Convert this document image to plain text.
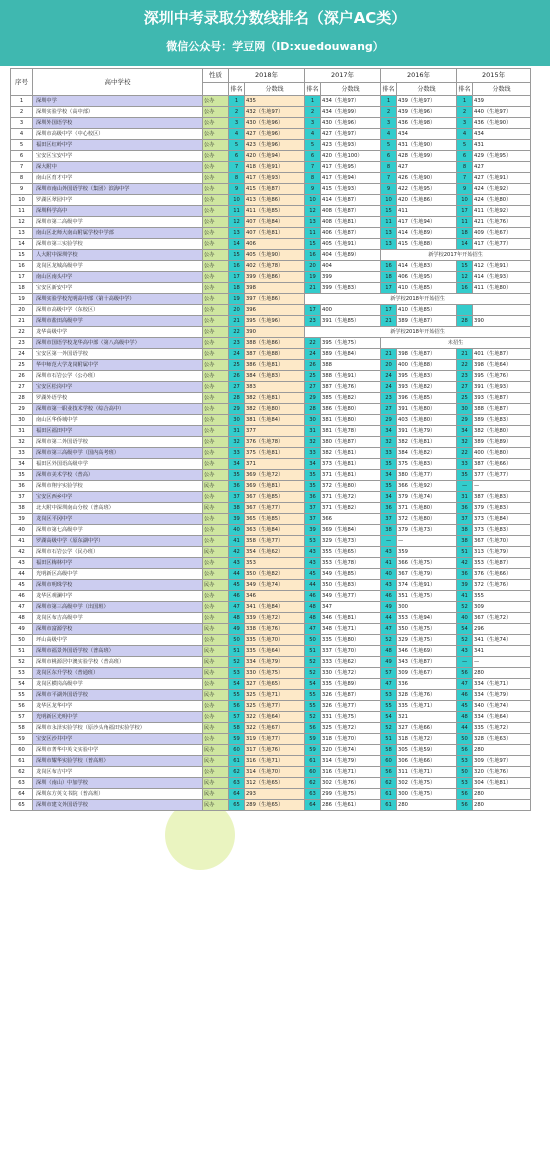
深圳中考录取分数线排名（深户AC类）
微信公众号：学豆网（ID:xuedouwang）
序号	高中学校	性质	2018年		2017年		2016年		2015年	
			排名	分数线	排名	分数线	排名	分数线	排名	分数线
1	深圳中学	公办	1	435	1	434（生地97）	1	439（生地97）	1	439
2	深圳实验学校（高中部）	公办	2	432（生地97）	2	434（生地99）	2	439（生地96）	2	440（生地97）
3	深圳外国语学校	公办	3	430（生地96）	3	430（生地96）	3	436（生地98）	3	436（生地90）
4	深圳市高级中学（中心校区）	公办	4	427（生地96）	4	427（生地97）	4	434	4	434
5	福田区红岭中学	公办	5	423（生地96）	5	423（生地93）	5	431（生地90）	5	431
6	宝安区宝安中学	公办	6	420（生地94）	6	420（生地100）	6	428（生地99）	6	429（生地95）
7	深大附中	公办	7	418（生地91）	7	417（生地95）	8	427	8	427
8	南山区育才中学	公办	8	417（生地93）	8	417（生地94）	7	426（生地90）	7	427（生地91）
9	深圳市南山外国语学校（集团）滨海中学	公办	9	415（生地87）	9	415（生地93）	9	422（生地95）	9	424（生地92）
10	罗湖区翠园中学	公办	10	413（生地86）	10	414（生地87）	10	420（生地86）	10	424（生地80）
11	深圳科学高中	公办	11	411（生地85）	12	408（生地87）	15	411	17	411（生地92）
12	深圳市第二高级中学	公办	12	407（生地84）	13	408（生地81）	11	417（生地94）	11	421（生地76）
13	南山区北师大南山附属学校中学部	公办	13	407（生地81）	11	406（生地87）	13	414（生地89）	18	409（生地67）
14	深圳市第三实验学校	公办	14	406	15	405（生地91）	13	415（生地88）	14	417（生地77）
15	人大附中深圳学校	公办	15	405（生地90）	16	404（生地89）	新学校2017年开始招生			
16	龙岗区龙城高级中学	公办	16	402（生地78）	20	404	16	414（生地83）	15	412（生地91）
17	南山区南头中学	公办	17	399（生地86）	19	399	18	406（生地95）	12	414（生地93）
18	宝安区新安中学	公办	18	398	21	399（生地83）	17	410（生地85）	16	411（生地80）
19	深圳实验学校光明高中部（第十高级中学）	公办	19	397（生地86）	新学校2018年开始招生					
20	深圳市高级中学（东校区）	公办	20	396	17	400	17	410（生地85）		
21	深圳市盐田高级中学	公办	21	395（生地96）	23	391（生地85）	21	389（生地87）	28	390
22	龙华高级中学	公办	22	390	新学校2018年开始招生					
23	深圳市国语学校龙华高中部（第八高级中学）	公办	23	388（生地86）	22	395（生地75）	未招生			
24	宝安区第一外国语学校	公办	24	387（生地88）	24	389（生地84）	21	398（生地87）	21	401（生地87）
25	华中师范大学龙岗附属中学	公办	25	386（生地81）	26	388	20	400（生地88）	22	398（生地64）
26	深圳市石岩公学（公办班）	公办	26	384（生地83）	25	388（生地91）	24	395（生地83）	23	395（生地76）
27	宝安区松岗中学	公办	27	383	27	387（生地76）	24	393（生地82）	27	391（生地93）
28	罗湖外语学校	公办	28	382（生地81）	29	385（生地82）	23	396（生地85）	25	393（生地87）
29	深圳市第一职业技术学校（综合高中）	公办	29	382（生地80）	28	386（生地80）	27	391（生地80）	30	388（生地87）
30	南山区华侨城中学	公办	30	381（生地84）	30	381（生地80）	29	403（生地80）	29	389（生地83）
31	福田区福田中学	公办	31	377	31	381（生地78）	34	391（生地79）	34	382（生地80）
32	深圳市第二外国语学校	公办	32	376（生地78）	32	380（生地87）	32	382（生地81）	32	389（生地89）
33	深圳市第三高级中学（国内高考班）	公办	33	375（生地81）	33	382（生地81）	33	384（生地82）	22	400（生地80）
34	福田区外国语高级中学	公办	34	371	34	373（生地81）	35	375（生地83）	33	387（生地66）
35	深圳市美术学校（普高）	公办	35	369（生地72）	35	371（生地81）	34	380（生地77）	35	377（生地77）
36	深圳市翔宇实验学校	民办	36	369（生地81）	35	372（生地80）	35	366（生地92）	—	—
37	宝安区西乡中学	公办	37	367（生地85）	36	371（生地72）	34	379（生地74）	31	387（生地83）
38	北大附中深圳南山分校（普高班）	民办	38	367（生地77）	37	371（生地82）	36	371（生地80）	36	379（生地83）
39	龙岗区平冈中学	公办	39	365（生地85）	37	366	37	372（生地80）	37	373（生地84）
40	深圳市第七高级中学	公办	40	363（生地84）	39	369（生地84）	38	379（生地73）	38	373（生地83）
41	罗湖高级中学（原东湖中学）	公办	41	358（生地77）	53	329（生地73）	—	—	38	367（生地70）
42	深圳市石岩公学（民办班）	民办	42	354（生地62）	43	355（生地65）	43	359	51	313（生地79）
43	福田区梅林中学	公办	43	353	43	353（生地78）	41	366（生地75）	42	353（生地87）
44	光明新区高级中学	公办	44	350（生地82）	45	349（生地85）	40	367（生地79）	36	376（生地66）
45	深圳市明珠学校	民办	45	349（生地74）	44	350（生地83）	43	374（生地91）	39	372（生地76）
46	龙华区观澜中学	公办	46	346	46	349（生地77）	46	351（生地75）	41	355
47	深圳市第三高级中学（出国班）	公办	47	341（生地84）	48	347	49	300	52	309
48	龙岗区布吉高级中学	公办	48	339（生地72）	48	346（生地81）	44	353（生地94）	40	367（生地72）
49	深圳市富源学校	民办	49	338（生地76）	47	348（生地71）	47	350（生地75）	54	296
50	坪山高级中学	公办	50	335（生地70）	50	335（生地80）	52	329（生地75）	52	341（生地74）
51	深圳市福景外国语学校（普高班）	民办	51	335（生地64）	51	337（生地70）	48	346（生地69）	43	341
52	深圳市桃源居中澳实验学校（普高班）	民办	52	334（生地79）	52	333（生地62）	49	343（生地87）	—	—
53	龙岗区东升学校（普通班）	民办	53	330（生地75）	52	330（生地72）	57	309（生地67）	56	280
54	龙岗区横岗高级中学	公办	54	327（生地65）	54	335（生地89）	47	336	47	334（生地71）
55	深圳市平湖外国语学校	民办	55	325（生地71）	55	326（生地87）	53	328（生地76）	46	334（生地79）
56	龙华区龙华中学	公办	56	325（生地77）	55	326（生地77）	55	335（生地71）	45	340（生地74）
57	光明新区光明中学	公办	57	322（生地64）	52	331（生地75）	54	321	48	334（生地64）
58	深圳市永泽实验学校（原沙头角福田实验学校）	民办	58	322（生地67）	56	325（生地72）	52	327（生地66）	44	335（生地72）
59	宝安区沙井中学	公办	59	319（生地77）	59	318（生地70）	51	318（生地72）	50	328（生地63）
60	深圳市菁华中英文实验中学	民办	60	317（生地76）	59	320（生地74）	58	305（生地59）	56	280
61	深圳市耀华实验学校（普高班）	民办	61	316（生地71）	61	314（生地79）	60	306（生地66）	53	309（生地97）
62	龙岗区布吉中学	公办	62	314（生地70）	60	316（生地71）	56	311（生地71）	50	320（生地76）
63	深圳（南山）中加学校	民办	63	312（生地65）	62	302（生地76）	62	302（生地75）	53	304（生地81）
64	深圳东方英文书院（普高班）	民办	64	293	63	299（生地75）	61	300（生地75）	56	280
65	深圳市建文外国语学校	民办	65	289（生地65）	64	286（生地61）	61	280	56	280
